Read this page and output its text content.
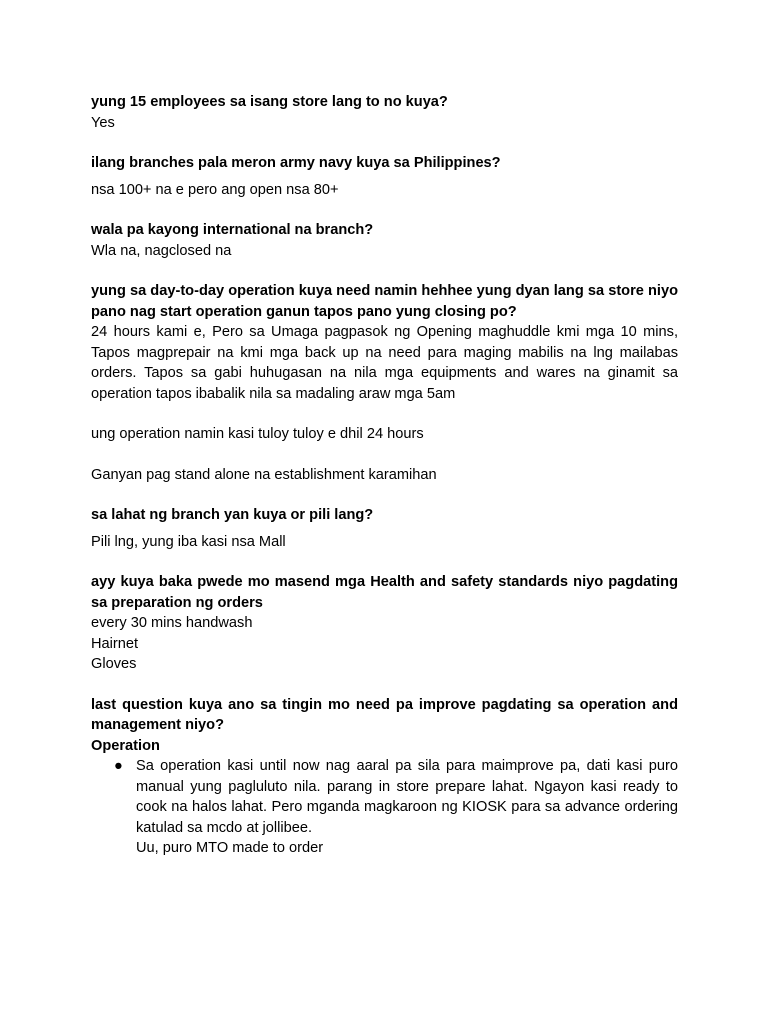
yung 15 employees sa isang store lang to no kuya?
Yes
ilang branches pala meron army navy kuya sa Philippines?
nsa 100+ na e pero ang open nsa 80+
wala pa kayong international na branch?
Wla na, nagclosed na
yung sa day-to-day operation kuya need namin hehhee yung dyan lang sa store niyo pano nag start operation ganun tapos pano yung closing po?
24 hours kami e, Pero sa Umaga pagpasok ng Opening maghuddle kmi mga 10 mins, Tapos magprepair na kmi mga back up na need para maging mabilis na lng mailabas orders. Tapos sa gabi huhugasan na nila mga equipments and wares na ginamit sa operation tapos ibabalik nila sa madaling araw mga 5am
ung operation namin kasi tuloy tuloy e dhil 24 hours
Ganyan pag stand alone na establishment karamihan
sa lahat ng branch yan kuya or pili lang?
Pili lng, yung iba kasi nsa Mall
ayy kuya baka pwede mo masend mga Health and safety standards niyo pagdating sa preparation ng orders
every 30 mins handwash
Hairnet
Gloves
last question kuya ano sa tingin mo need pa improve pagdating sa operation and management niyo?
Operation
● Sa operation kasi until now nag aaral pa sila para maimprove pa, dati kasi puro manual yung pagluluto nila. parang in store prepare lahat. Ngayon kasi ready to cook na halos lahat. Pero mganda magkaroon ng KIOSK para sa advance ordering katulad sa mcdo at jollibee.
Uu, puro MTO made to order
